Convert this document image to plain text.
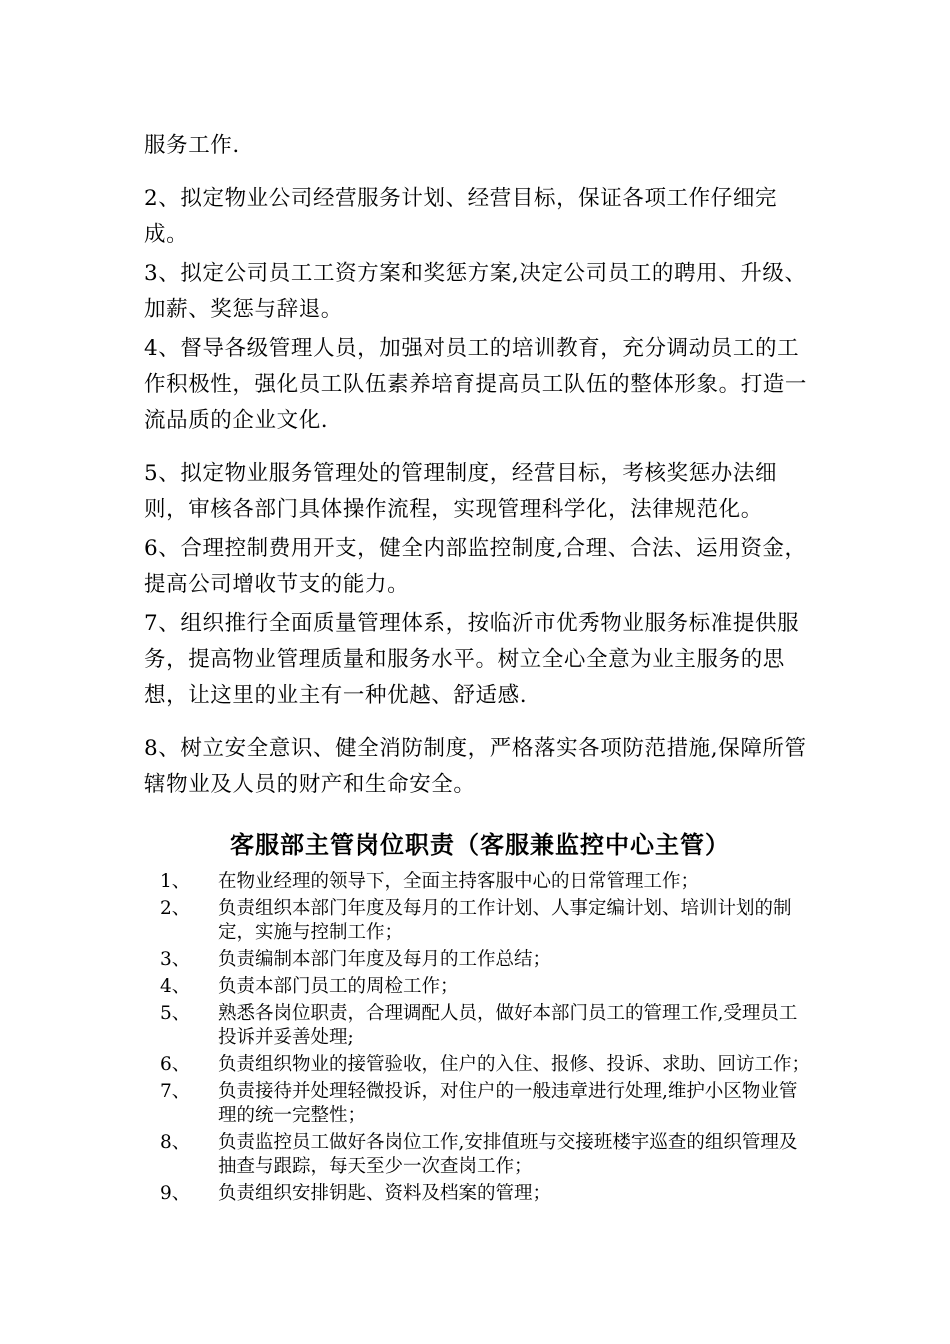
服务工作.

2、拟定物业公司经营服务计划、经营目标，保证各项工作仔细完成。

3、拟定公司员工工资方案和奖惩方案,决定公司员工的聘用、升级、加薪、奖惩与辞退。

4、督导各级管理人员，加强对员工的培训教育，充分调动员工的工作积极性，强化员工队伍素养培育提高员工队伍的整体形象。打造一流品质的企业文化.

5、拟定物业服务管理处的管理制度，经营目标，考核奖惩办法细则，审核各部门具体操作流程，实现管理科学化，法律规范化。

6、合理控制费用开支，健全内部监控制度,合理、合法、运用资金，提高公司增收节支的能力。

7、组织推行全面质量管理体系，按临沂市优秀物业服务标准提供服务，提高物业管理质量和服务水平。树立全心全意为业主服务的思想，让这里的业主有一种优越、舒适感.

8、树立安全意识、健全消防制度，严格落实各项防范措施,保障所管辖物业及人员的财产和生命安全。

客服部主管岗位职责（客服兼监控中心主管）
1、	在物业经理的领导下，全面主持客服中心的日常管理工作；
2、	负责组织本部门年度及每月的工作计划、人事定编计划、培训计划的制定，实施与控制工作；
3、	负责编制本部门年度及每月的工作总结；
4、	负责本部门员工的周检工作；
5、	熟悉各岗位职责，合理调配人员，做好本部门员工的管理工作,受理员工投诉并妥善处理;
6、	负责组织物业的接管验收，住户的入住、报修、投诉、求助、回访工作；
7、	负责接待并处理轻微投诉，对住户的一般违章进行处理,维护小区物业管理的统一完整性；
8、	负责监控员工做好各岗位工作,安排值班与交接班楼宇巡查的组织管理及抽查与跟踪，每天至少一次查岗工作；
9、	负责组织安排钥匙、资料及档案的管理；
